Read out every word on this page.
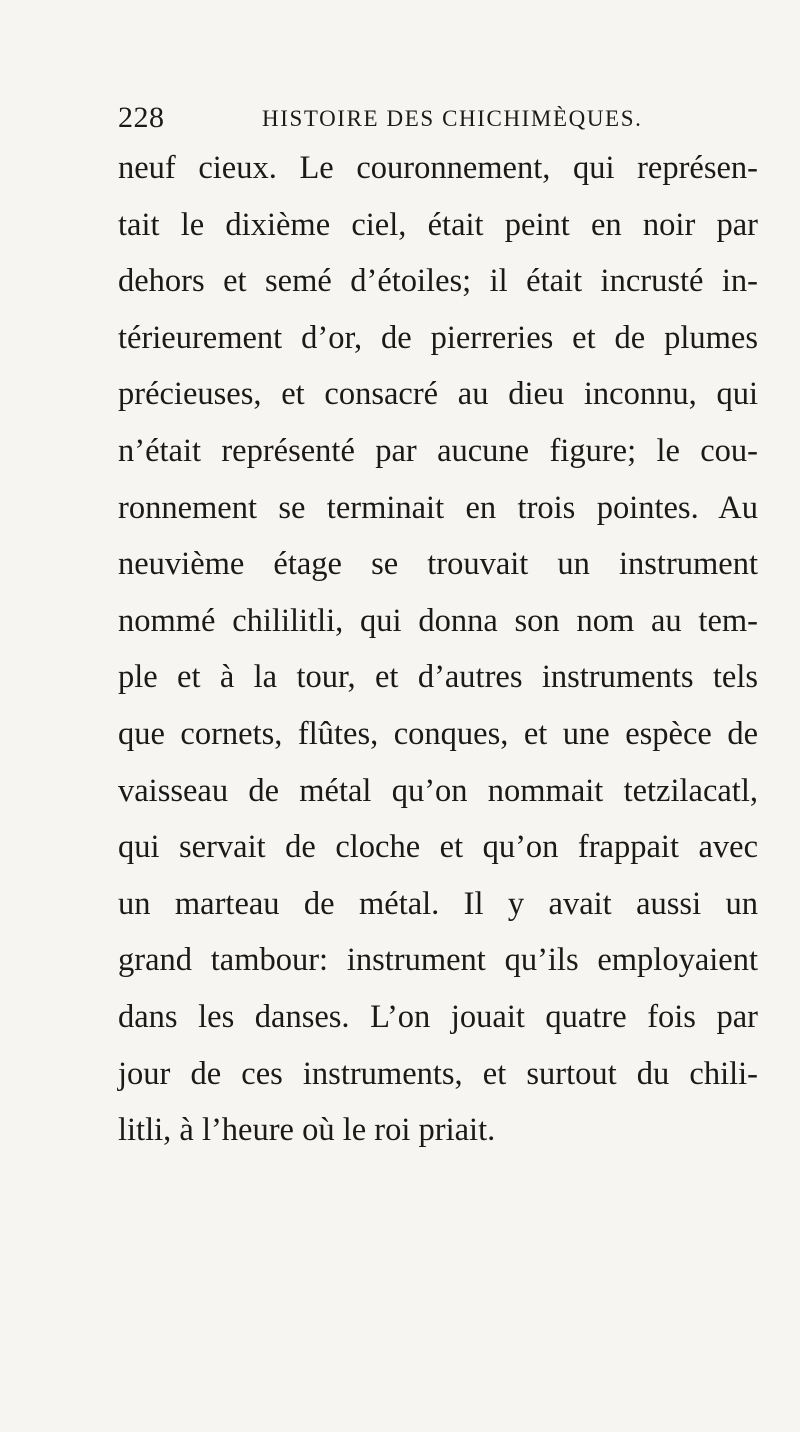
228	HISTOIRE DES CHICHIMÈQUES.
neuf cieux. Le couronnement, qui représen-
tait le dixième ciel, était peint en noir par
dehors et semé d’étoiles; il était incrusté in-
térieurement d’or, de pierreries et de plumes
précieuses, et consacré au dieu inconnu, qui
n’était représenté par aucune figure; le cou-
ronnement se terminait en trois pointes. Au
neuvième étage se trouvait un instrument
nommé chililitli, qui donna son nom au tem-
ple et à la tour, et d’autres instruments tels
que cornets, flûtes, conques, et une espèce de
vaisseau de métal qu’on nommait tetzilacatl,
qui servait de cloche et qu’on frappait avec
un marteau de métal. Il y avait aussi un
grand tambour: instrument qu’ils employaient
dans les danses. L’on jouait quatre fois par
jour de ces instruments, et surtout du chili-
litli, à l’heure où le roi priait.
